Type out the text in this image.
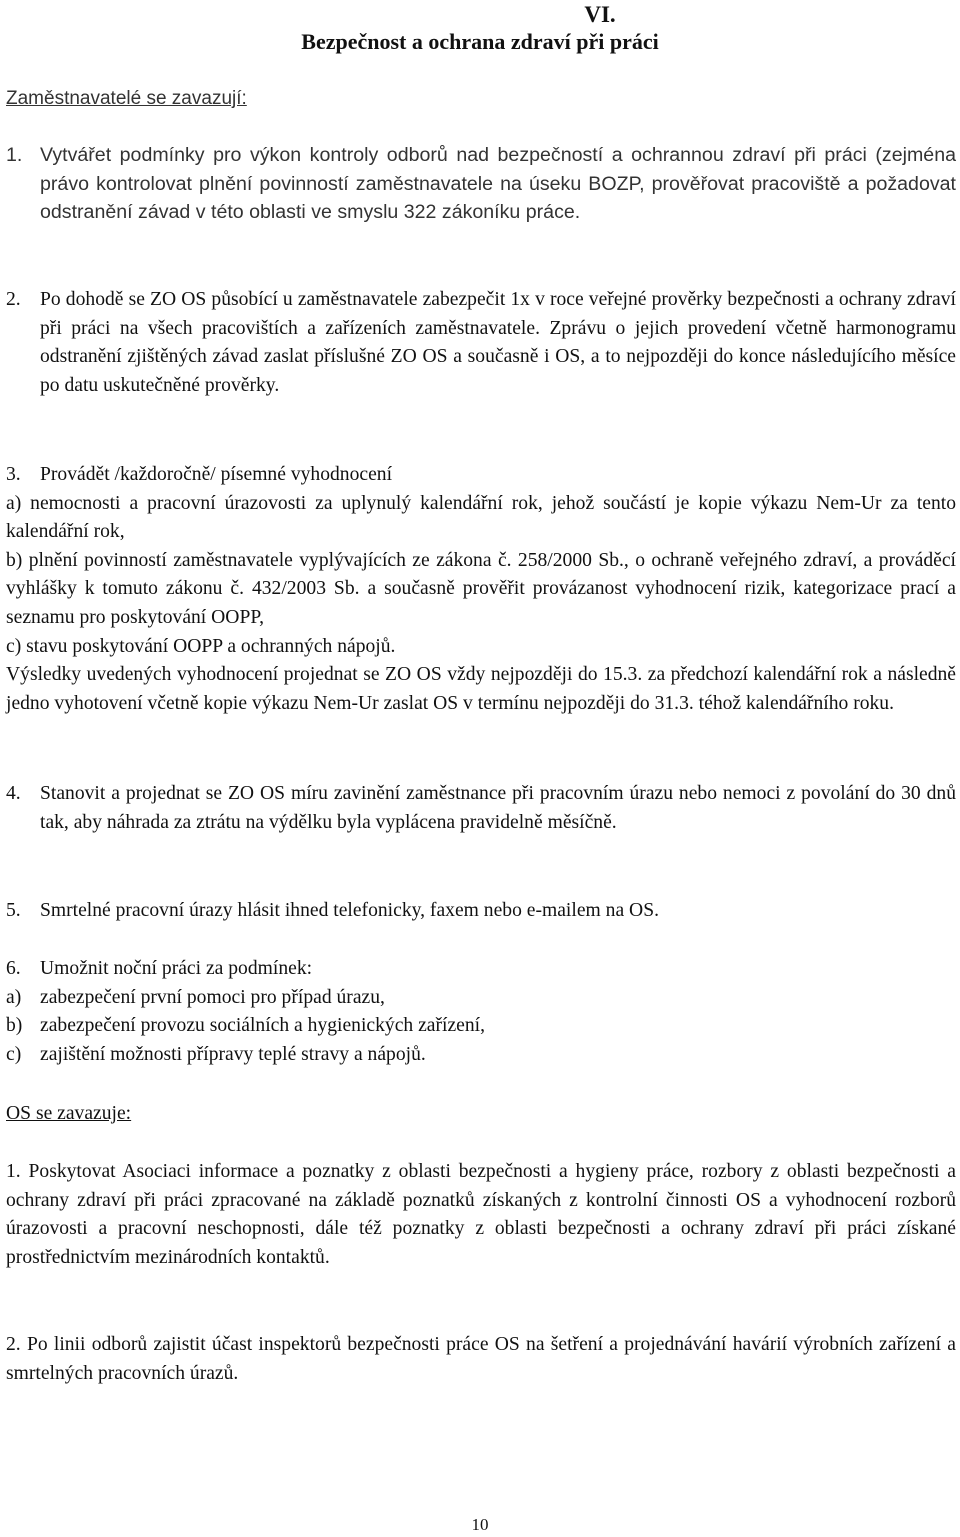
VI.
Bezpečnost a ochrana zdraví při práci
Zaměstnavatelé se zavazují:
1. Vytvářet podmínky pro výkon kontroly odborů nad bezpečností a ochrannou zdraví při práci (zejména právo kontrolovat plnění povinností zaměstnavatele na úseku BOZP, prověřovat pracoviště a požadovat odstranění závad v této oblasti ve smyslu 322 zákoníku práce.

2. Po dohodě se ZO OS působící u zaměstnavatele zabezpečit 1x v roce veřejné prověrky bezpečnosti a ochrany zdraví při práci na všech pracovištích a zařízeních zaměstnavatele. Zprávu o jejich provedení včetně harmonogramu odstranění zjištěných závad zaslat příslušné ZO OS a současně i OS, a to nejpozději do konce následujícího měsíce po datu uskutečněné prověrky.

3. Provádět /každoročně/ písemné vyhodnocení

a) nemocnosti a pracovní úrazovosti za uplynulý kalendářní rok, jehož součástí je kopie výkazu Nem-Ur za tento kalendářní rok,

b) plnění povinností zaměstnavatele vyplývajících ze zákona č. 258/2000 Sb., o ochraně veřejného zdraví, a prováděcí vyhlášky k tomuto zákonu č. 432/2003 Sb. a současně prověřit provázanost vyhodnocení rizik, kategorizace prací a seznamu pro poskytování OOPP,

c) stavu poskytování OOPP a ochranných nápojů.

Výsledky uvedených vyhodnocení projednat se ZO OS vždy nejpozději do 15.3. za předchozí kalendářní rok a následně jedno vyhotovení včetně kopie výkazu Nem-Ur zaslat OS v termínu nejpozději do 31.3. téhož kalendářního roku.

4. Stanovit a projednat se ZO OS míru zavinění zaměstnance při pracovním úrazu nebo nemoci z povolání do 30 dnů tak, aby náhrada za ztrátu na výdělku byla vyplácena pravidelně měsíčně.

5. Smrtelné pracovní úrazy hlásit ihned telefonicky, faxem nebo e-mailem na OS.

6. Umožnit noční práci za podmínek:

a) zabezpečení první pomoci pro případ úrazu,

b) zabezpečení provozu sociálních a hygienických zařízení,

c) zajištění možnosti přípravy teplé stravy a nápojů.

OS se zavazuje:

1. Poskytovat Asociaci informace a poznatky z oblasti bezpečnosti a hygieny práce, rozbory z oblasti bezpečnosti a ochrany zdraví při práci zpracované na základě poznatků získaných z kontrolní činnosti OS a vyhodnocení rozborů úrazovosti a pracovní neschopnosti, dále též poznatky z oblasti bezpečnosti a ochrany zdraví při práci získané prostřednictvím mezinárodních kontaktů.

2. Po linii odborů zajistit účast inspektorů bezpečnosti práce OS na šetření a projednávání havárií výrobních zařízení a smrtelných pracovních úrazů.

10
